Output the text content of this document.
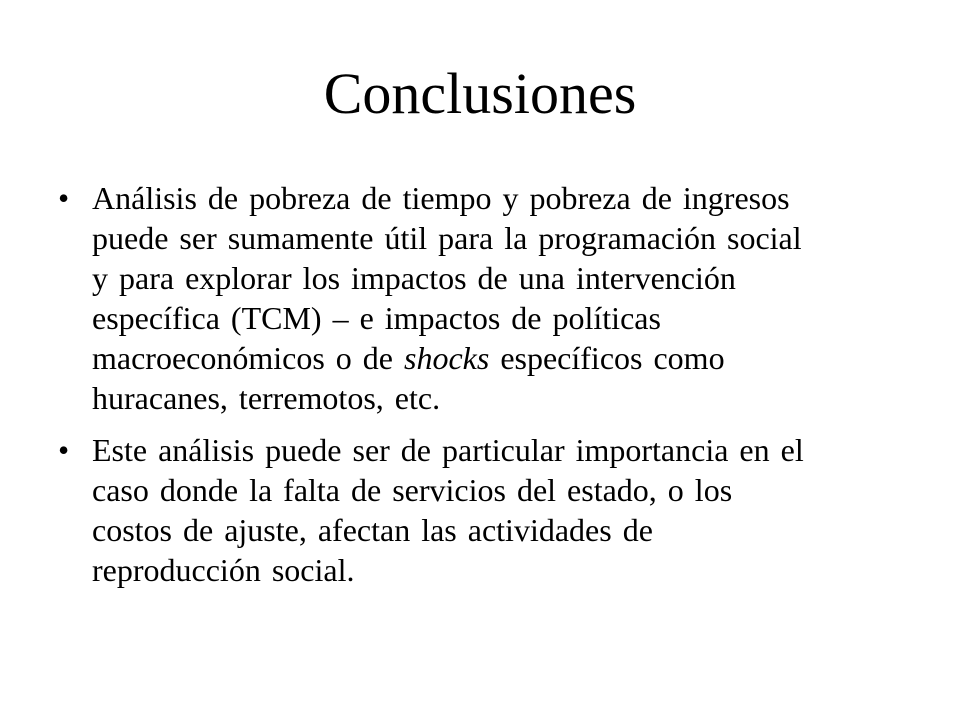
Conclusiones
• Análisis de pobreza de tiempo y pobreza de ingresos
puede ser sumamente útil para la programación social
y para explorar los impactos de una intervención
específica (TCM) – e impactos de políticas
macroeconómicos o de shocks específicos como
huracanes, terremotos, etc.
• Este análisis puede ser de particular importancia en el
caso donde la falta de servicios del estado, o los
costos de ajuste, afectan las actividades de
reproducción social.
